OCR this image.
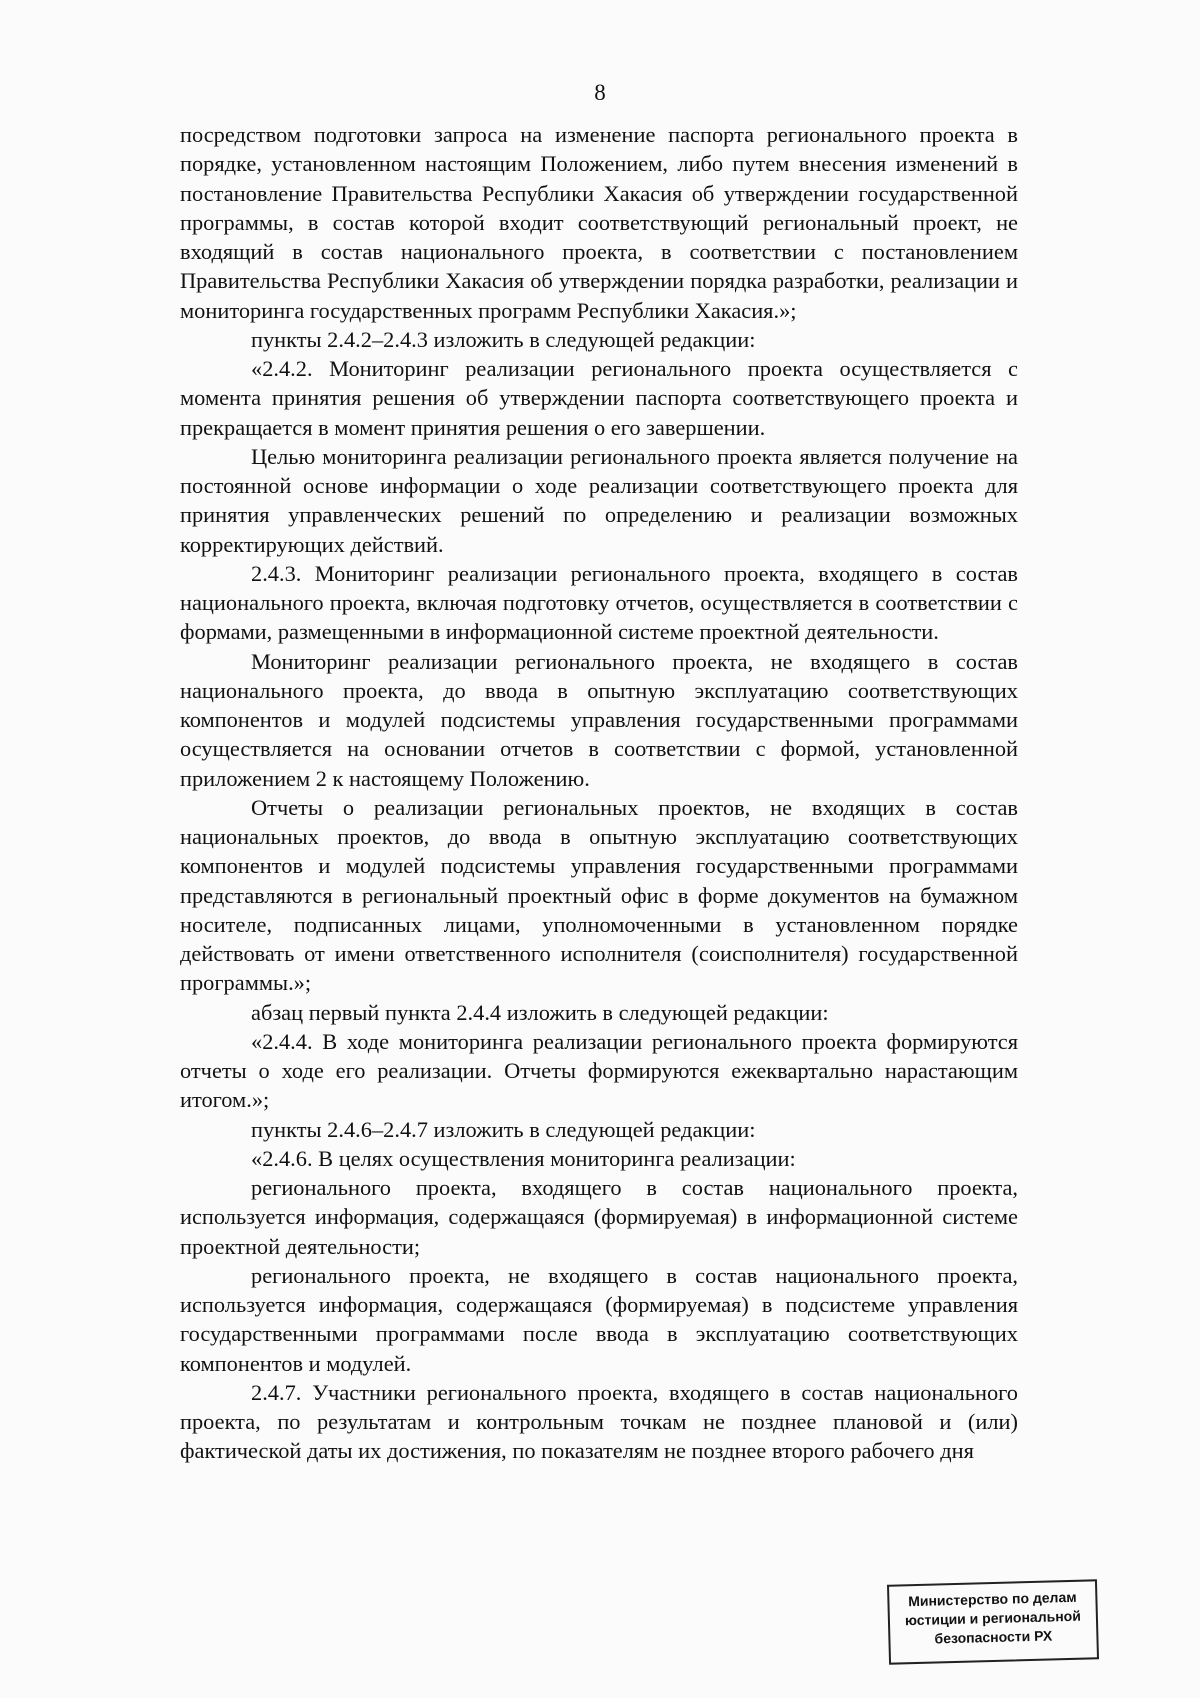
8

посредством подготовки запроса на изменение паспорта регионального проекта в порядке, установленном настоящим Положением, либо путем внесения изменений в постановление Правительства Республики Хакасия об утверждении государственной программы, в состав которой входит соответствующий региональный проект, не входящий в состав национального проекта, в соответствии с постановлением Правительства Республики Хакасия об утверждении порядка разработки, реализации и мониторинга государственных программ Республики Хакасия.»;

пункты 2.4.2–2.4.3 изложить в следующей редакции:

«2.4.2. Мониторинг реализации регионального проекта осуществляется с момента принятия решения об утверждении паспорта соответствующего проекта и прекращается в момент принятия решения о его завершении.

Целью мониторинга реализации регионального проекта является получение на постоянной основе информации о ходе реализации соответствующего проекта для принятия управленческих решений по определению и реализации возможных корректирующих действий.

2.4.3. Мониторинг реализации регионального проекта, входящего в состав национального проекта, включая подготовку отчетов, осуществляется в соответствии с формами, размещенными в информационной системе проектной деятельности.

Мониторинг реализации регионального проекта, не входящего в состав национального проекта, до ввода в опытную эксплуатацию соответствующих компонентов и модулей подсистемы управления государственными программами осуществляется на основании отчетов в соответствии с формой, установленной приложением 2 к настоящему Положению.

Отчеты о реализации региональных проектов, не входящих в состав национальных проектов, до ввода в опытную эксплуатацию соответствующих компонентов и модулей подсистемы управления государственными программами представляются в региональный проектный офис в форме документов на бумажном носителе, подписанных лицами, уполномоченными в установленном порядке действовать от имени ответственного исполнителя (соисполнителя) государственной программы.»;

абзац первый пункта 2.4.4 изложить в следующей редакции:

«2.4.4. В ходе мониторинга реализации регионального проекта формируются отчеты о ходе его реализации. Отчеты формируются ежеквартально нарастающим итогом.»;

пункты 2.4.6–2.4.7 изложить в следующей редакции:

«2.4.6. В целях осуществления мониторинга реализации:

регионального проекта, входящего в состав национального проекта, используется информация, содержащаяся (формируемая) в информационной системе проектной деятельности;

регионального проекта, не входящего в состав национального проекта, используется информация, содержащаяся (формируемая) в подсистеме управления государственными программами после ввода в эксплуатацию соответствующих компонентов и модулей.

2.4.7. Участники регионального проекта, входящего в состав национального проекта, по результатам и контрольным точкам не позднее плановой и (или) фактической даты их достижения, по показателям не позднее второго рабочего дня

Министерство по делам
юстиции и региональной
безопасности РХ
